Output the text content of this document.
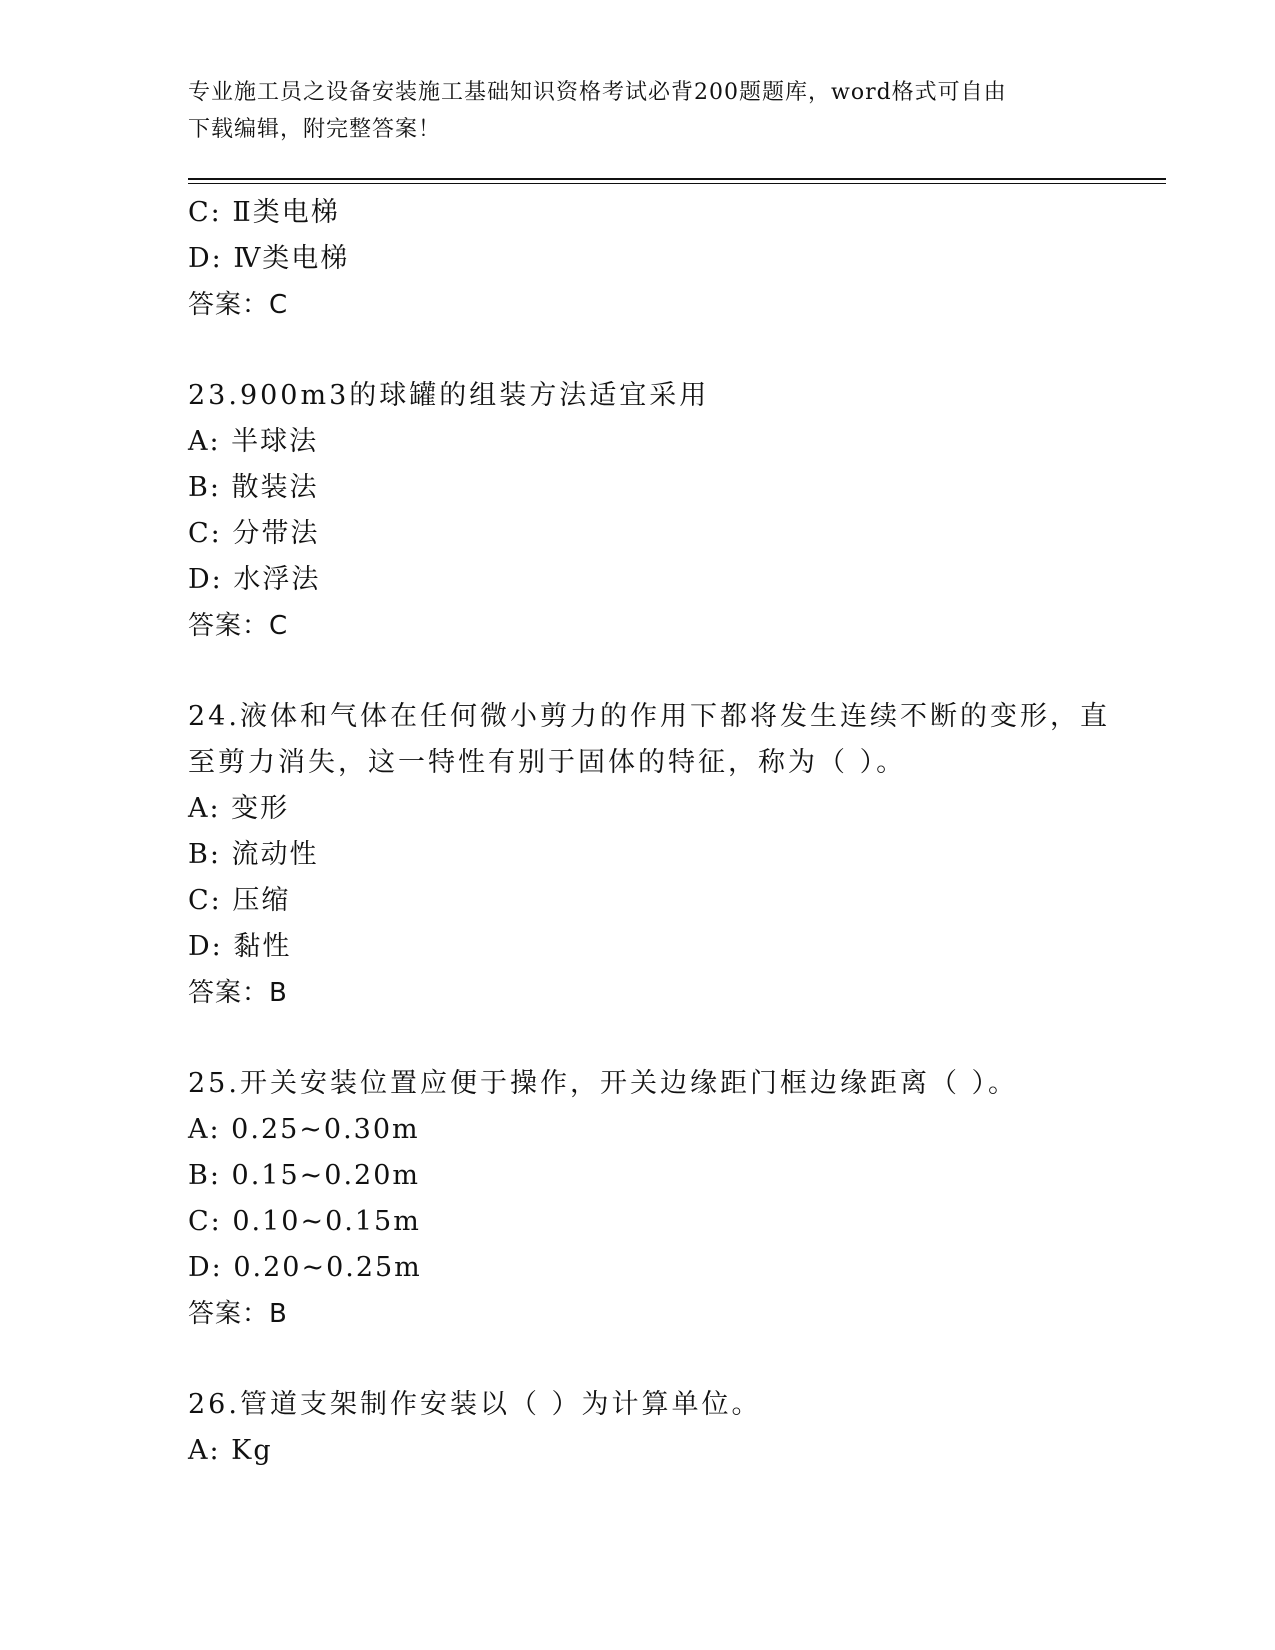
专业施工员之设备安装施工基础知识资格考试必背200题题库，word格式可自由
下载编辑，附完整答案！
C: Ⅱ类电梯
D: Ⅳ类电梯
答案：C
23.900m3的球罐的组装方法适宜采用
A: 半球法
B: 散装法
C: 分带法
D: 水浮法
答案：C
24.液体和气体在任何微小剪力的作用下都将发生连续不断的变形，直
至剪力消失，这一特性有别于固体的特征，称为（ ）。
A: 变形
B: 流动性
C: 压缩
D: 黏性
答案：B
25.开关安装位置应便于操作，开关边缘距门框边缘距离（ ）。
A: 0.25~0.30m
B: 0.15~0.20m
C: 0.10~0.15m
D: 0.20~0.25m
答案：B
26.管道支架制作安装以（ ）为计算单位。
A: Kg
